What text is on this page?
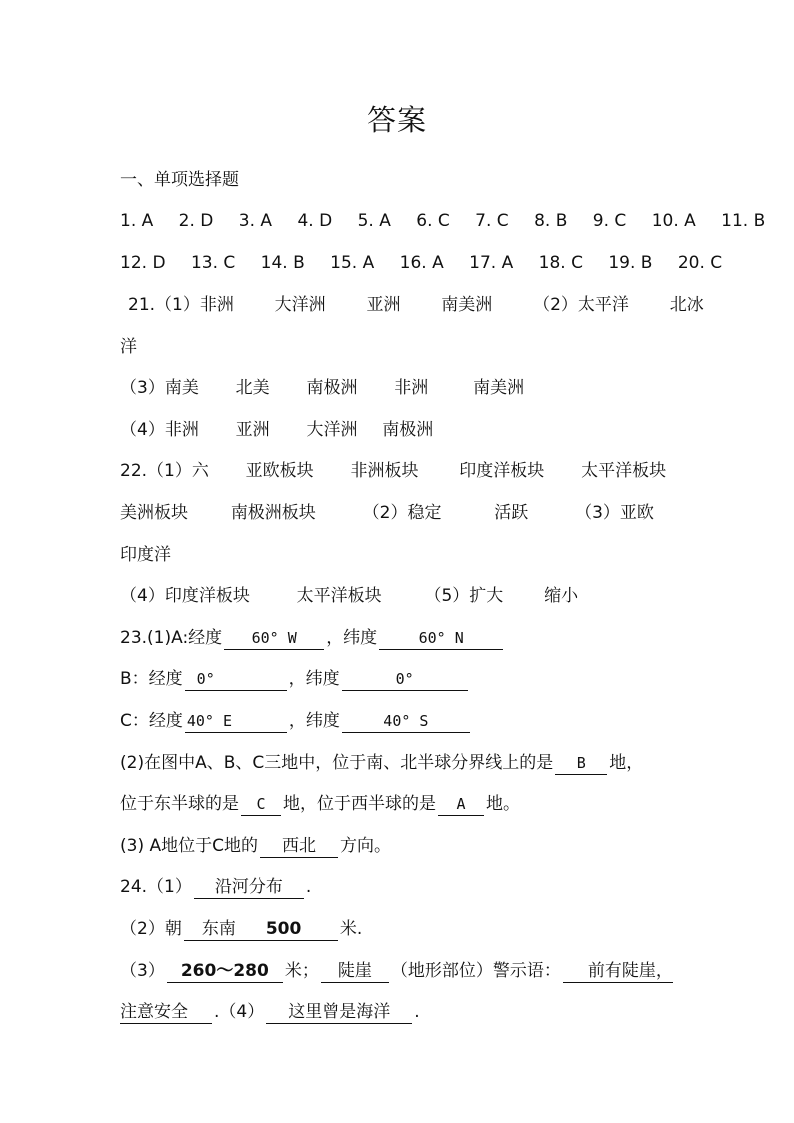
答案
一、单项选择题
1. A 2. D 3. A 4. D 5. A 6. C 7. C 8. B 9. C 10. A 11. B
12. D 13. C 14. B 15. A 16. A 17. A 18. C 19. B 20. C
21.（1）非洲 大洋洲 亚洲 南美洲 （2）太平洋 北冰
洋
（3）南美 北美 南极洲 非洲	南美洲
（4）非洲 亚洲 大洋洲 南极洲
22.（1）六 亚欧板块 非洲板块 印度洋板块 太平洋板块
美洲板块	南极洲板块	（2）稳定	活跃	（3）亚欧
印度洋
（4）印度洋板块	太平洋板块	（5）扩大 缩小
23.(1)A:经度 60° W ，纬度	60° N
B：经度 0°	，纬度	0°
C：经度 40° E	，纬度	40° S
(2)在图中A、B、C三地中，位于南、北半球分界线上的是 B 地，
位于东半球的是 C 地，位于西半球的是 A 地。
(3) A地位于C地的 西北 方向。
24.（1） 沿河分布 .
（2）朝 东南 500 米.
（3） 260～280 米； 陡崖 （地形部位）警示语： 前有陡崖，
注意安全 .（4） 这里曾是海洋 .
